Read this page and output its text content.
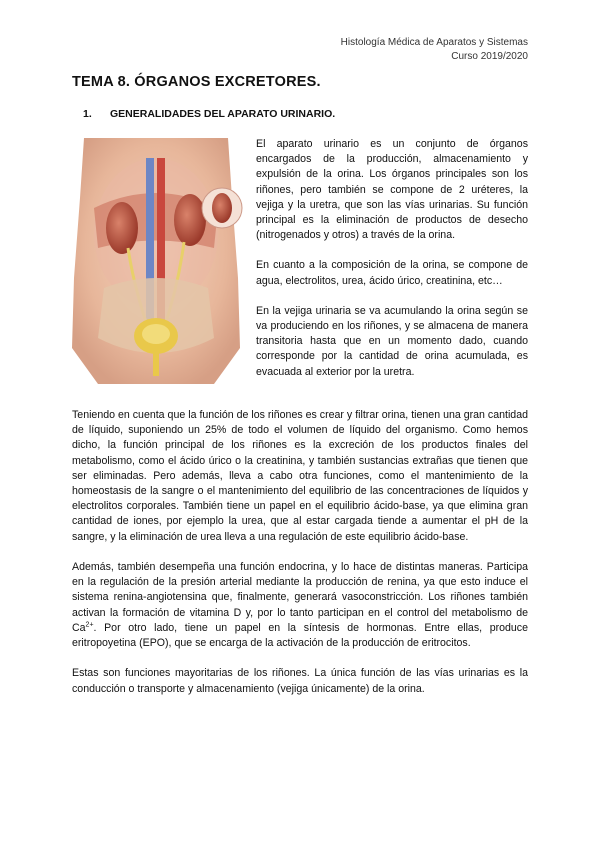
Histología Médica de Aparatos y Sistemas
Curso 2019/2020
TEMA 8. ÓRGANOS EXCRETORES.
1. GENERALIDADES DEL APARATO URINARIO.

El aparato urinario es un conjunto de órganos encargados de la producción, almacenamiento y expulsión de la orina. Los órganos principales son los riñones, pero también se compone de 2 uréteres, la vejiga y la uretra, que son las vías urinarias. Su función principal es la eliminación de productos de desecho (nitrogenados y otros) a través de la orina.

En cuanto a la composición de la orina, se compone de agua, electrolitos, urea, ácido úrico, creatinina, etc…

En la vejiga urinaria se va acumulando la orina según se va produciendo en los riñones, y se almacena de manera transitoria hasta que en un momento dado, cuando corresponde por la cantidad de orina acumulada, es evacuada al exterior por la uretra.

Teniendo en cuenta que la función de los riñones es crear y filtrar orina, tienen una gran cantidad de líquido, suponiendo un 25% de todo el volumen de líquido del organismo. Como hemos dicho, la función principal de los riñones es la excreción de los productos finales del metabolismo, como el ácido úrico o la creatinina, y también sustancias extrañas que tienen que ser eliminadas. Pero además, lleva a cabo otra funciones, como el mantenimiento de la homeostasis de la sangre o el mantenimiento del equilibrio de las concentraciones de líquidos y electrolitos corporales. También tiene un papel en el equilibrio ácido-base, ya que elimina gran cantidad de iones, por ejemplo la urea, que al estar cargada tiende a aumentar el pH de la sangre, y la eliminación de urea lleva a una regulación de este equilibrio ácido-base.

Además, también desempeña una función endocrina, y lo hace de distintas maneras. Participa en la regulación de la presión arterial mediante la producción de renina, ya que esto induce el sistema renina-angiotensina que, finalmente, generará vasoconstricción. Los riñones también activan la formación de vitamina D y, por lo tanto participan en el control del metabolismo de $Ca^{2+}$. Por otro lado, tiene un papel en la síntesis de hormonas. Entre ellas, produce eritropoyetina (EPO), que se encarga de la activación de la producción de eritrocitos.

Estas son funciones mayoritarias de los riñones. La única función de las vías urinarias es la conducción o transporte y almacenamiento (vejiga únicamente) de la orina.
